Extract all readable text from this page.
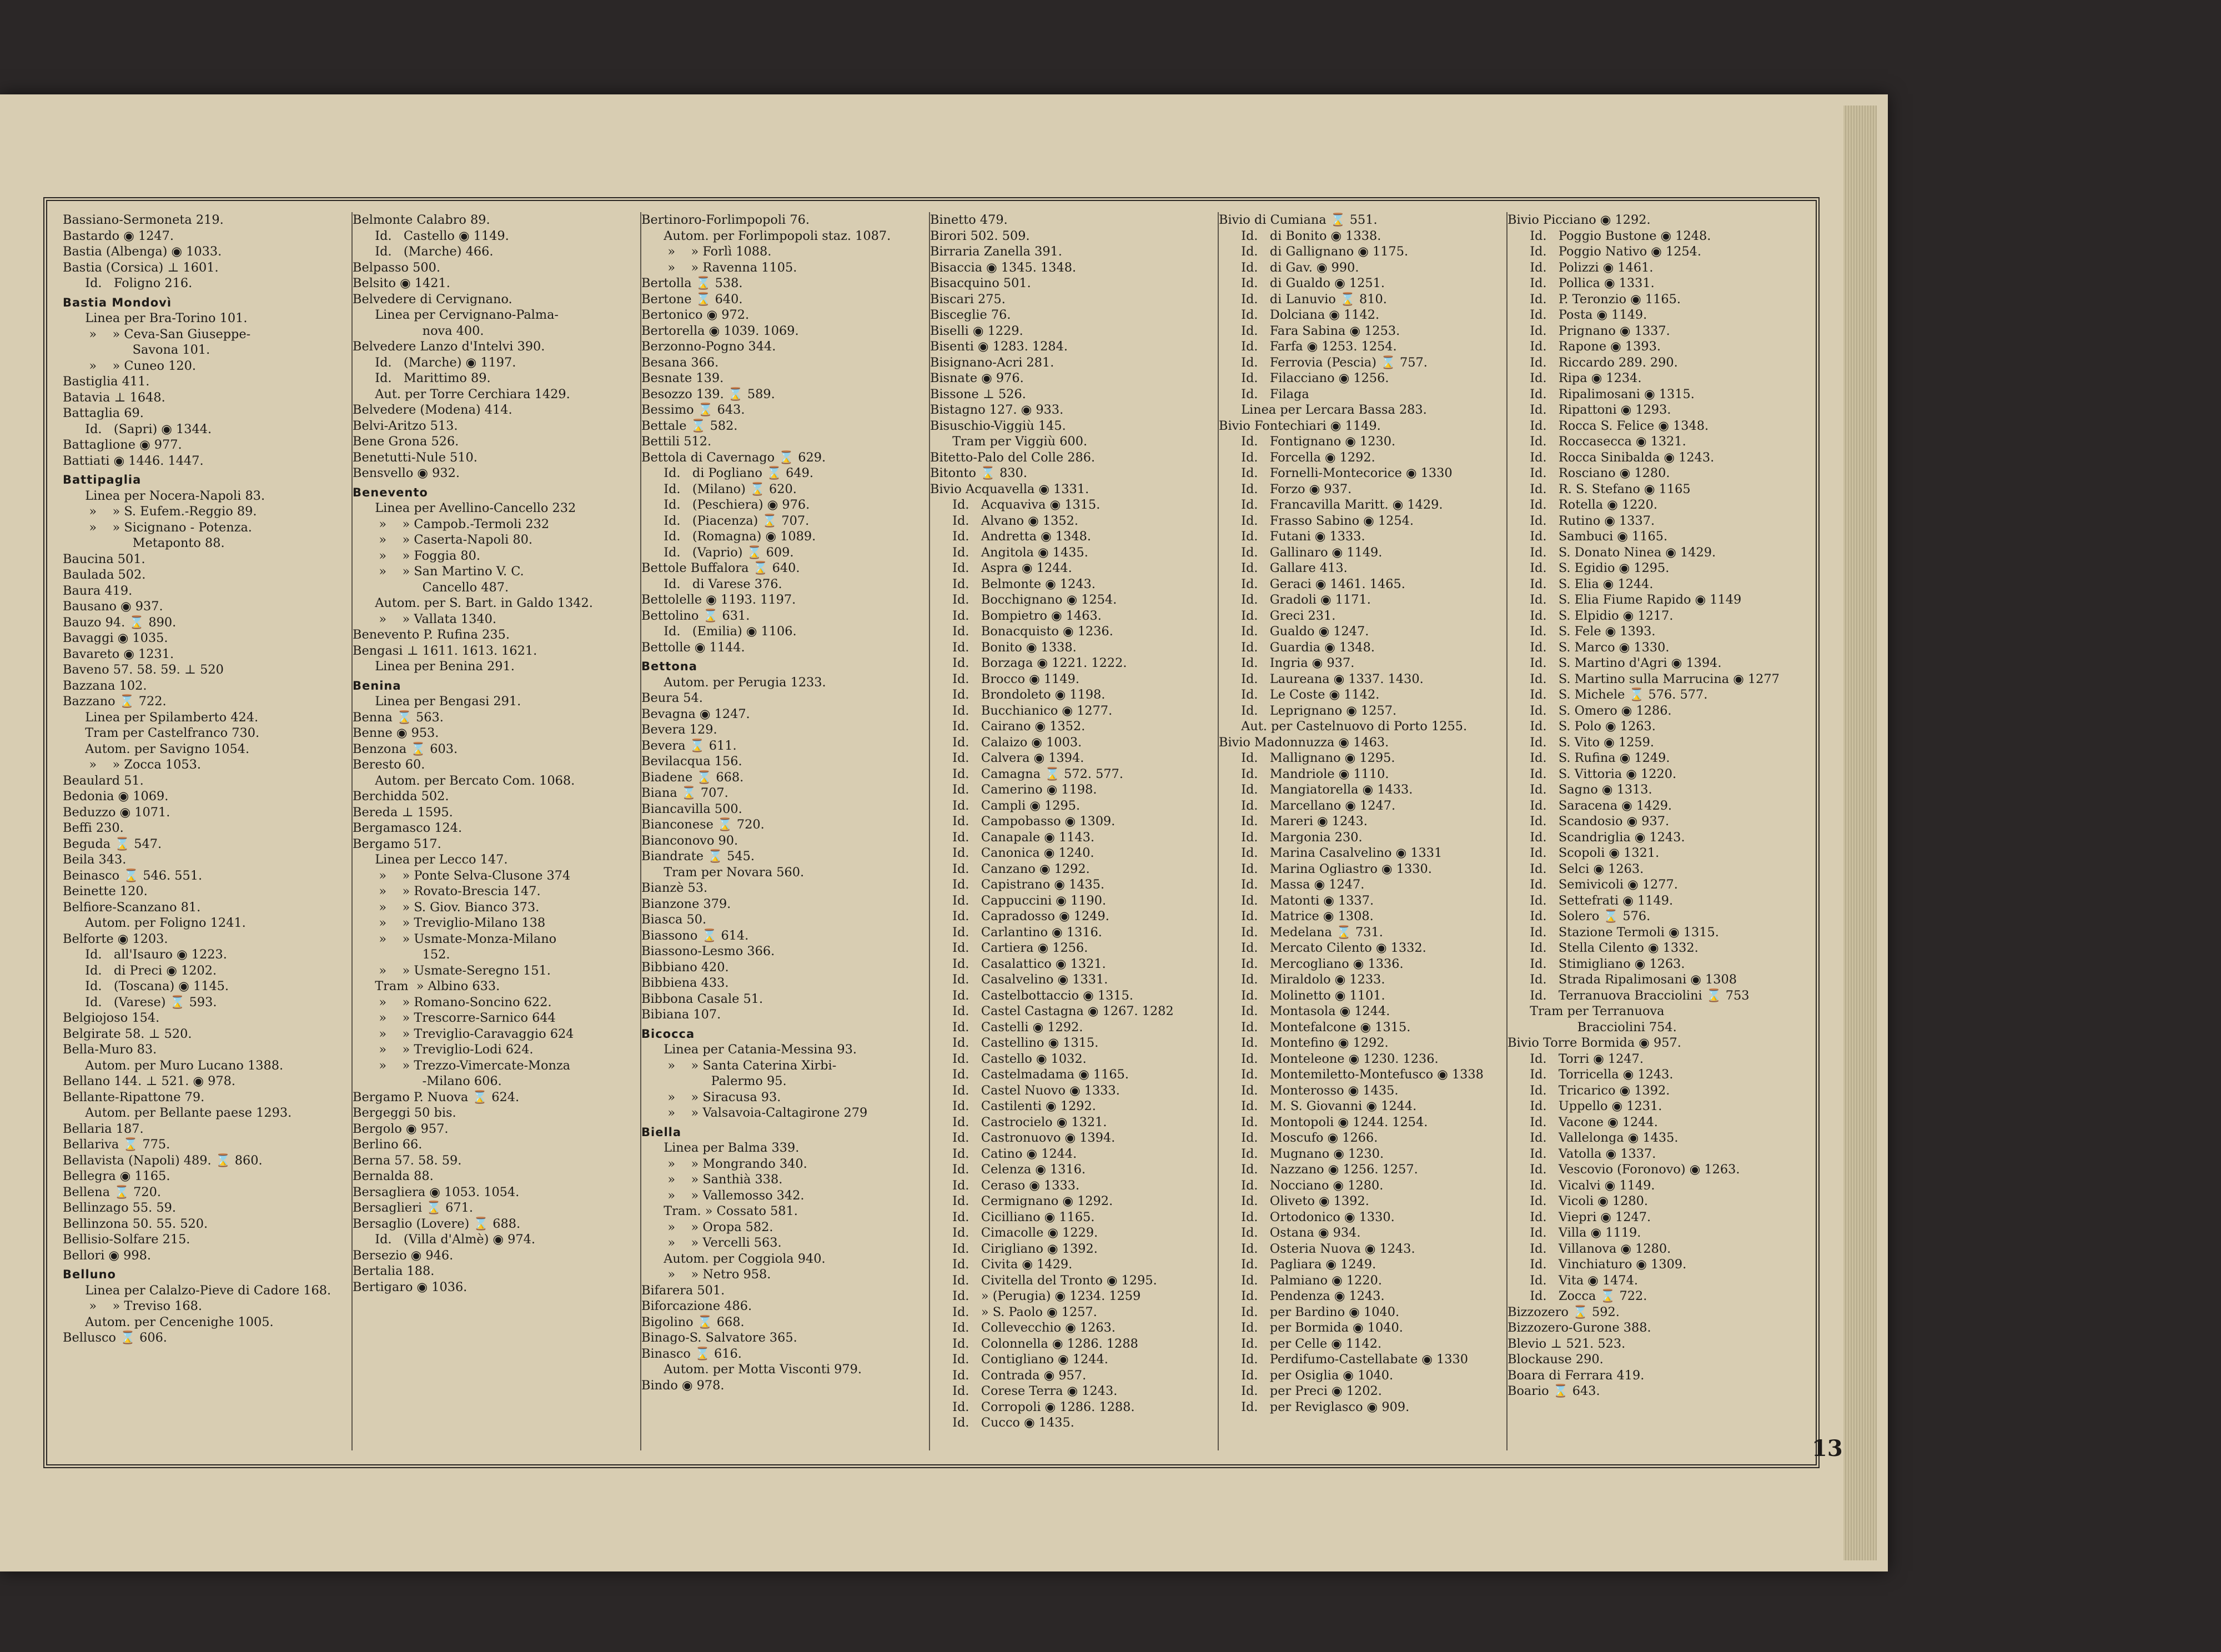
Bassiano-Sermoneta 219.
Bastardo ◉ 1247.
Bastia (Albenga) ◉ 1033.
Bastia (Corsica) ⊥ 1601.
Id.   Foligno 216.
Bastia Mondovì
Linea per Bra-Torino 101.
»    » Ceva-San Giuseppe-
Savona 101.
»    » Cuneo 120.
Bastiglia 411.
Batavia ⊥ 1648.
Battaglia 69.
Id.   (Sapri) ◉ 1344.
Battaglione ◉ 977.
Battiati ◉ 1446. 1447.
Battipaglia
Linea per Nocera-Napoli 83.
»    » S. Eufem.-Reggio 89.
»    » Sicignano - Potenza.
Metaponto 88.
Baucina 501.
Baulada 502.
Baura 419.
Bausano ◉ 937.
Bauzo 94. ⌛ 890.
Bavaggi ◉ 1035.
Bavareto ◉ 1231.
Baveno 57. 58. 59. ⊥ 520
Bazzana 102.
Bazzano ⌛ 722.
Linea per Spilamberto 424.
Tram per Castelfranco 730.
Autom. per Savigno 1054.
»    » Zocca 1053.
Beaulard 51.
Bedonia ◉ 1069.
Beduzzo ◉ 1071.
Beffi 230.
Beguda ⌛ 547.
Beila 343.
Beinasco ⌛ 546. 551.
Beinette 120.
Belfiore-Scanzano 81.
Autom. per Foligno 1241.
Belforte ◉ 1203.
Id.   all'Isauro ◉ 1223.
Id.   di Preci ◉ 1202.
Id.   (Toscana) ◉ 1145.
Id.   (Varese) ⌛ 593.
Belgiojoso 154.
Belgirate 58. ⊥ 520.
Bella-Muro 83.
Autom. per Muro Lucano 1388.
Bellano 144. ⊥ 521. ◉ 978.
Bellante-Ripattone 79.
Autom. per Bellante paese 1293.
Bellaria 187.
Bellariva ⌛ 775.
Bellavista (Napoli) 489. ⌛ 860.
Bellegra ◉ 1165.
Bellena ⌛ 720.
Bellinzago 55. 59.
Bellinzona 50. 55. 520.
Bellisio-Solfare 215.
Bellori ◉ 998.
Belluno
Linea per Calalzo-Pieve di Cadore 168.
»    » Treviso 168.
Autom. per Cencenighe 1005.
Bellusco ⌛ 606.
Belmonte Calabro 89.
Id.   Castello ◉ 1149.
Id.   (Marche) 466.
Belpasso 500.
Belsito ◉ 1421.
Belvedere di Cervignano.
Linea per Cervignano-Palma-
nova 400.
Belvedere Lanzo d'Intelvi 390.
Id.   (Marche) ◉ 1197.
Id.   Marittimo 89.
Aut. per Torre Cerchiara 1429.
Belvedere (Modena) 414.
Belvi-Aritzo 513.
Bene Grona 526.
Benetutti-Nule 510.
Bensvello ◉ 932.
Benevento
Linea per Avellino-Cancello 232
»    » Campob.-Termoli 232
»    » Caserta-Napoli 80.
»    » Foggia 80.
»    » San Martino V. C.
Cancello 487.
Autom. per S. Bart. in Galdo 1342.
»    » Vallata 1340.
Benevento P. Rufina 235.
Bengasi ⊥ 1611. 1613. 1621.
Linea per Benina 291.
Benina
Linea per Bengasi 291.
Benna ⌛ 563.
Benne ◉ 953.
Benzona ⌛ 603.
Beresto 60.
Autom. per Bercato Com. 1068.
Berchidda 502.
Bereda ⊥ 1595.
Bergamasco 124.
Bergamo 517.
Linea per Lecco 147.
»    » Ponte Selva-Clusone 374
»    » Rovato-Brescia 147.
»    » S. Giov. Bianco 373.
»    » Treviglio-Milano 138
»    » Usmate-Monza-Milano
152.
»    » Usmate-Seregno 151.
Tram  » Albino 633.
»    » Romano-Soncino 622.
»    » Trescorre-Sarnico 644
»    » Treviglio-Caravaggio 624
»    » Treviglio-Lodi 624.
»    » Trezzo-Vimercate-Monza
-Milano 606.
Bergamo P. Nuova ⌛ 624.
Bergeggi 50 bis.
Bergolo ◉ 957.
Berlino 66.
Berna 57. 58. 59.
Bernalda 88.
Bersagliera ◉ 1053. 1054.
Bersaglieri ⌛ 671.
Bersaglio (Lovere) ⌛ 688.
Id.   (Villa d'Almè) ◉ 974.
Bersezio ◉ 946.
Bertalia 188.
Bertigaro ◉ 1036.
Bertinoro-Forlimpopoli 76.
Autom. per Forlimpopoli staz. 1087.
»    » Forlì 1088.
»    » Ravenna 1105.
Bertolla ⌛ 538.
Bertone ⌛ 640.
Bertonico ◉ 972.
Bertorella ◉ 1039. 1069.
Berzonno-Pogno 344.
Besana 366.
Besnate 139.
Besozzo 139. ⌛ 589.
Bessimo ⌛ 643.
Bettale ⌛ 582.
Bettili 512.
Bettola di Cavernago ⌛ 629.
Id.   di Pogliano ⌛ 649.
Id.   (Milano) ⌛ 620.
Id.   (Peschiera) ◉ 976.
Id.   (Piacenza) ⌛ 707.
Id.   (Romagna) ◉ 1089.
Id.   (Vaprio) ⌛ 609.
Bettole Buffalora ⌛ 640.
Id.   di Varese 376.
Bettolelle ◉ 1193. 1197.
Bettolino ⌛ 631.
Id.   (Emilia) ◉ 1106.
Bettolle ◉ 1144.
Bettona
Autom. per Perugia 1233.
Beura 54.
Bevagna ◉ 1247.
Bevera 129.
Bevera ⌛ 611.
Bevilacqua 156.
Biadene ⌛ 668.
Biana ⌛ 707.
Biancavilla 500.
Bianconese ⌛ 720.
Bianconovo 90.
Biandrate ⌛ 545.
Tram per Novara 560.
Bianzè 53.
Bianzone 379.
Biasca 50.
Biassono ⌛ 614.
Biassono-Lesmo 366.
Bibbiano 420.
Bibbiena 433.
Bibbona Casale 51.
Bibiana 107.
Bicocca
Linea per Catania-Messina 93.
»    » Santa Caterina Xirbi-
Palermo 95.
»    » Siracusa 93.
»    » Valsavoia-Caltagirone 279
Biella
Linea per Balma 339.
»    » Mongrando 340.
»    » Santhià 338.
»    » Vallemosso 342.
Tram. » Cossato 581.
»    » Oropa 582.
»    » Vercelli 563.
Autom. per Coggiola 940.
»    » Netro 958.
Bifarera 501.
Biforcazione 486.
Bigolino ⌛ 668.
Binago-S. Salvatore 365.
Binasco ⌛ 616.
Autom. per Motta Visconti 979.
Bindo ◉ 978.
Binetto 479.
Birori 502. 509.
Birraria Zanella 391.
Bisaccia ◉ 1345. 1348.
Bisacquino 501.
Biscari 275.
Bisceglie 76.
Biselli ◉ 1229.
Bisenti ◉ 1283. 1284.
Bisignano-Acri 281.
Bisnate ◉ 976.
Bissone ⊥ 526.
Bistagno 127. ◉ 933.
Bisuschio-Viggiù 145.
Tram per Viggiù 600.
Bitetto-Palo del Colle 286.
Bitonto ⌛ 830.
Bivio Acquavella ◉ 1331.
Id.   Acquaviva ◉ 1315.
Id.   Alvano ◉ 1352.
Id.   Andretta ◉ 1348.
Id.   Angitola ◉ 1435.
Id.   Aspra ◉ 1244.
Id.   Belmonte ◉ 1243.
Id.   Bocchignano ◉ 1254.
Id.   Bompietro ◉ 1463.
Id.   Bonacquisto ◉ 1236.
Id.   Bonito ◉ 1338.
Id.   Borzaga ◉ 1221. 1222.
Id.   Brocco ◉ 1149.
Id.   Brondoleto ◉ 1198.
Id.   Bucchianico ◉ 1277.
Id.   Cairano ◉ 1352.
Id.   Calaizo ◉ 1003.
Id.   Calvera ◉ 1394.
Id.   Camagna ⌛ 572. 577.
Id.   Camerino ◉ 1198.
Id.   Campli ◉ 1295.
Id.   Campobasso ◉ 1309.
Id.   Canapale ◉ 1143.
Id.   Canonica ◉ 1240.
Id.   Canzano ◉ 1292.
Id.   Capistrano ◉ 1435.
Id.   Cappuccini ◉ 1190.
Id.   Capradosso ◉ 1249.
Id.   Carlantino ◉ 1316.
Id.   Cartiera ◉ 1256.
Id.   Casalattico ◉ 1321.
Id.   Casalvelino ◉ 1331.
Id.   Castelbottaccio ◉ 1315.
Id.   Castel Castagna ◉ 1267. 1282
Id.   Castelli ◉ 1292.
Id.   Castellino ◉ 1315.
Id.   Castello ◉ 1032.
Id.   Castelmadama ◉ 1165.
Id.   Castel Nuovo ◉ 1333.
Id.   Castilenti ◉ 1292.
Id.   Castrocielo ◉ 1321.
Id.   Castronuovo ◉ 1394.
Id.   Catino ◉ 1244.
Id.   Celenza ◉ 1316.
Id.   Ceraso ◉ 1333.
Id.   Cermignano ◉ 1292.
Id.   Cicilliano ◉ 1165.
Id.   Cimacolle ◉ 1229.
Id.   Cirigliano ◉ 1392.
Id.   Civita ◉ 1429.
Id.   Civitella del Tronto ◉ 1295.
Id.   » (Perugia) ◉ 1234. 1259
Id.   » S. Paolo ◉ 1257.
Id.   Collevecchio ◉ 1263.
Id.   Colonnella ◉ 1286. 1288
Id.   Contigliano ◉ 1244.
Id.   Contrada ◉ 957.
Id.   Corese Terra ◉ 1243.
Id.   Corropoli ◉ 1286. 1288.
Id.   Cucco ◉ 1435.
Bivio di Cumiana ⌛ 551.
Id.   di Bonito ◉ 1338.
Id.   di Gallignano ◉ 1175.
Id.   di Gav. ◉ 990.
Id.   di Gualdo ◉ 1251.
Id.   di Lanuvio ⌛ 810.
Id.   Dolciana ◉ 1142.
Id.   Fara Sabina ◉ 1253.
Id.   Farfa ◉ 1253. 1254.
Id.   Ferrovia (Pescia) ⌛ 757.
Id.   Filacciano ◉ 1256.
Id.   Filaga
Linea per Lercara Bassa 283.
Bivio Fontechiari ◉ 1149.
Id.   Fontignano ◉ 1230.
Id.   Forcella ◉ 1292.
Id.   Fornelli-Montecorice ◉ 1330
Id.   Forzo ◉ 937.
Id.   Francavilla Maritt. ◉ 1429.
Id.   Frasso Sabino ◉ 1254.
Id.   Futani ◉ 1333.
Id.   Gallinaro ◉ 1149.
Id.   Gallare 413.
Id.   Geraci ◉ 1461. 1465.
Id.   Gradoli ◉ 1171.
Id.   Greci 231.
Id.   Gualdo ◉ 1247.
Id.   Guardia ◉ 1348.
Id.   Ingria ◉ 937.
Id.   Laureana ◉ 1337. 1430.
Id.   Le Coste ◉ 1142.
Id.   Leprignano ◉ 1257.
Aut. per Castelnuovo di Porto 1255.
Bivio Madonnuzza ◉ 1463.
Id.   Mallignano ◉ 1295.
Id.   Mandriole ◉ 1110.
Id.   Mangiatorella ◉ 1433.
Id.   Marcellano ◉ 1247.
Id.   Mareri ◉ 1243.
Id.   Margonia 230.
Id.   Marina Casalvelino ◉ 1331
Id.   Marina Ogliastro ◉ 1330.
Id.   Massa ◉ 1247.
Id.   Matonti ◉ 1337.
Id.   Matrice ◉ 1308.
Id.   Medelana ⌛ 731.
Id.   Mercato Cilento ◉ 1332.
Id.   Mercogliano ◉ 1336.
Id.   Miraldolo ◉ 1233.
Id.   Molinetto ◉ 1101.
Id.   Montasola ◉ 1244.
Id.   Montefalcone ◉ 1315.
Id.   Montefino ◉ 1292.
Id.   Monteleone ◉ 1230. 1236.
Id.   Montemiletto-Montefusco ◉ 1338
Id.   Monterosso ◉ 1435.
Id.   M. S. Giovanni ◉ 1244.
Id.   Montopoli ◉ 1244. 1254.
Id.   Moscufo ◉ 1266.
Id.   Mugnano ◉ 1230.
Id.   Nazzano ◉ 1256. 1257.
Id.   Nocciano ◉ 1280.
Id.   Oliveto ◉ 1392.
Id.   Ortodonico ◉ 1330.
Id.   Ostana ◉ 934.
Id.   Osteria Nuova ◉ 1243.
Id.   Pagliara ◉ 1249.
Id.   Palmiano ◉ 1220.
Id.   Pendenza ◉ 1243.
Id.   per Bardino ◉ 1040.
Id.   per Bormida ◉ 1040.
Id.   per Celle ◉ 1142.
Id.   Perdifumo-Castellabate ◉ 1330
Id.   per Osiglia ◉ 1040.
Id.   per Preci ◉ 1202.
Id.   per Reviglasco ◉ 909.
Bivio Picciano ◉ 1292.
Id.   Poggio Bustone ◉ 1248.
Id.   Poggio Nativo ◉ 1254.
Id.   Polizzi ◉ 1461.
Id.   Pollica ◉ 1331.
Id.   P. Teronzio ◉ 1165.
Id.   Posta ◉ 1149.
Id.   Prignano ◉ 1337.
Id.   Rapone ◉ 1393.
Id.   Riccardo 289. 290.
Id.   Ripa ◉ 1234.
Id.   Ripalimosani ◉ 1315.
Id.   Ripattoni ◉ 1293.
Id.   Rocca S. Felice ◉ 1348.
Id.   Roccasecca ◉ 1321.
Id.   Rocca Sinibalda ◉ 1243.
Id.   Rosciano ◉ 1280.
Id.   R. S. Stefano ◉ 1165
Id.   Rotella ◉ 1220.
Id.   Rutino ◉ 1337.
Id.   Sambuci ◉ 1165.
Id.   S. Donato Ninea ◉ 1429.
Id.   S. Egidio ◉ 1295.
Id.   S. Elia ◉ 1244.
Id.   S. Elia Fiume Rapido ◉ 1149
Id.   S. Elpidio ◉ 1217.
Id.   S. Fele ◉ 1393.
Id.   S. Marco ◉ 1330.
Id.   S. Martino d'Agri ◉ 1394.
Id.   S. Martino sulla Marrucina ◉ 1277
Id.   S. Michele ⌛ 576. 577.
Id.   S. Omero ◉ 1286.
Id.   S. Polo ◉ 1263.
Id.   S. Vito ◉ 1259.
Id.   S. Rufina ◉ 1249.
Id.   S. Vittoria ◉ 1220.
Id.   Sagno ◉ 1313.
Id.   Saracena ◉ 1429.
Id.   Scandosio ◉ 937.
Id.   Scandriglia ◉ 1243.
Id.   Scopoli ◉ 1321.
Id.   Selci ◉ 1263.
Id.   Semivicoli ◉ 1277.
Id.   Settefrati ◉ 1149.
Id.   Solero ⌛ 576.
Id.   Stazione Termoli ◉ 1315.
Id.   Stella Cilento ◉ 1332.
Id.   Stimigliano ◉ 1263.
Id.   Strada Ripalimosani ◉ 1308
Id.   Terranuova Bracciolini ⌛ 753
Tram per Terranuova
Bracciolini 754.
Bivio Torre Bormida ◉ 957.
Id.   Torri ◉ 1247.
Id.   Torricella ◉ 1243.
Id.   Tricarico ◉ 1392.
Id.   Uppello ◉ 1231.
Id.   Vacone ◉ 1244.
Id.   Vallelonga ◉ 1435.
Id.   Vatolla ◉ 1337.
Id.   Vescovio (Foronovo) ◉ 1263.
Id.   Vicalvi ◉ 1149.
Id.   Vicoli ◉ 1280.
Id.   Viepri ◉ 1247.
Id.   Villa ◉ 1119.
Id.   Villanova ◉ 1280.
Id.   Vinchiaturo ◉ 1309.
Id.   Vita ◉ 1474.
Id.   Zocca ⌛ 722.
Bizzozero ⌛ 592.
Bizzozero-Gurone 388.
Blevio ⊥ 521. 523.
Blockause 290.
Boara di Ferrara 419.
Boario ⌛ 643.
13
